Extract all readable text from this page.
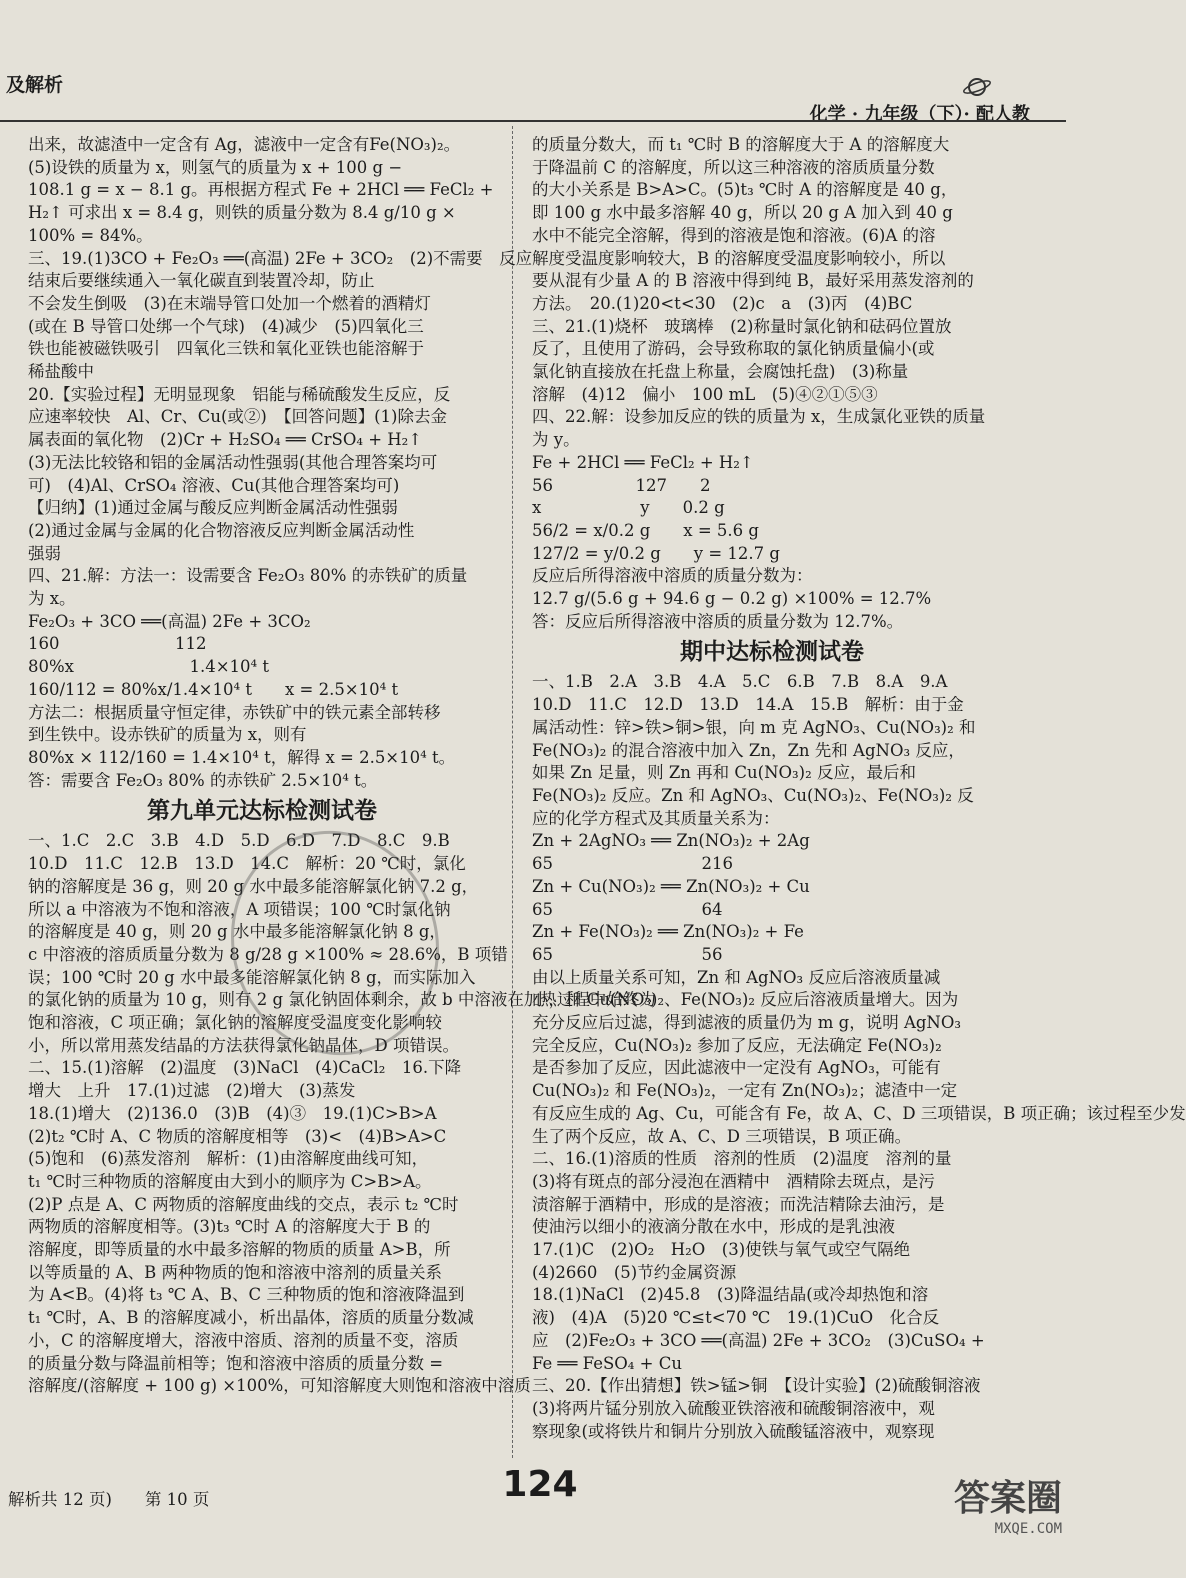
及解析
化学 · 九年级（下）· 配人教
出来，故滤渣中一定含有 Ag，滤液中一定含有Fe(NO₃)₂。
(5)设铁的质量为 x，则氢气的质量为 x + 100 g −
108.1 g = x − 8.1 g。再根据方程式 Fe + 2HCl ══ FeCl₂ +
H₂↑ 可求出 x = 8.4 g，则铁的质量分数为 8.4 g/10 g ×
100% = 84%。
三、19.(1)3CO + Fe₂O₃ ══(高温) 2Fe + 3CO₂　(2)不需要　反应
结束后要继续通入一氧化碳直到装置冷却，防止
不会发生倒吸　(3)在末端导管口处加一个燃着的酒精灯
(或在 B 导管口处绑一个气球)　(4)减少　(5)四氧化三
铁也能被磁铁吸引　四氧化三铁和氧化亚铁也能溶解于
稀盐酸中
20.【实验过程】无明显现象　铝能与稀硫酸发生反应，反
应速率较快　Al、Cr、Cu(或②)　【回答问题】(1)除去金
属表面的氧化物　(2)Cr + H₂SO₄ ══ CrSO₄ + H₂↑
(3)无法比较铬和铝的金属活动性强弱(其他合理答案均可
可)　(4)Al、CrSO₄ 溶液、Cu(其他合理答案均可)
【归纳】(1)通过金属与酸反应判断金属活动性强弱
(2)通过金属与金属的化合物溶液反应判断金属活动性
强弱
四、21.解：方法一：设需要含 Fe₂O₃ 80% 的赤铁矿的质量
为 x。
Fe₂O₃ + 3CO ══(高温) 2Fe + 3CO₂
160　　　　　　　112
80%x　　　　　　　1.4×10⁴ t
160/112 = 80%x/1.4×10⁴ t　　x = 2.5×10⁴ t
方法二：根据质量守恒定律，赤铁矿中的铁元素全部转移
到生铁中。设赤铁矿的质量为 x，则有
80%x × 112/160 = 1.4×10⁴ t，解得 x = 2.5×10⁴ t。
答：需要含 Fe₂O₃ 80% 的赤铁矿 2.5×10⁴ t。
第九单元达标检测试卷
一、1.C　2.C　3.B　4.D　5.D　6.D　7.D　8.C　9.B
10.D　11.C　12.B　13.D　14.C　解析：20 ℃时，氯化
钠的溶解度是 36 g，则 20 g 水中最多能溶解氯化钠 7.2 g，
所以 a 中溶液为不饱和溶液，A 项错误；100 ℃时氯化钠
的溶解度是 40 g，则 20 g 水中最多能溶解氯化钠 8 g，
c 中溶液的溶质质量分数为 8 g/28 g ×100% ≈ 28.6%，B 项错
误；100 ℃时 20 g 水中最多能溶解氯化钠 8 g，而实际加入
的氯化钠的质量为 10 g，则有 2 g 氯化钠固体剩余，故 b 中溶液在加热过程中始终为
饱和溶液，C 项正确；氯化钠的溶解度受温度变化影响较
小，所以常用蒸发结晶的方法获得氯化钠晶体，D 项错误。
二、15.(1)溶解　(2)温度　(3)NaCl　(4)CaCl₂　16.下降
增大　上升　17.(1)过滤　(2)增大　(3)蒸发
18.(1)增大　(2)136.0　(3)B　(4)③　19.(1)C>B>A
(2)t₂ ℃时 A、C 物质的溶解度相等　(3)<　(4)B>A>C
(5)饱和　(6)蒸发溶剂　解析：(1)由溶解度曲线可知，
t₁ ℃时三种物质的溶解度由大到小的顺序为 C>B>A。
(2)P 点是 A、C 两物质的溶解度曲线的交点，表示 t₂ ℃时
两物质的溶解度相等。(3)t₃ ℃时 A 的溶解度大于 B 的
溶解度，即等质量的水中最多溶解的物质的质量 A>B，所
以等质量的 A、B 两种物质的饱和溶液中溶剂的质量关系
为 A<B。(4)将 t₃ ℃ A、B、C 三种物质的饱和溶液降温到
t₁ ℃时，A、B 的溶解度减小，析出晶体，溶质的质量分数减
小，C 的溶解度增大，溶液中溶质、溶剂的质量不变，溶质
的质量分数与降温前相等；饱和溶液中溶质的质量分数 =
溶解度/(溶解度 + 100 g) ×100%，可知溶解度大则饱和溶液中溶质
的质量分数大，而 t₁ ℃时 B 的溶解度大于 A 的溶解度大
于降温前 C 的溶解度，所以这三种溶液的溶质质量分数
的大小关系是 B>A>C。(5)t₃ ℃时 A 的溶解度是 40 g，
即 100 g 水中最多溶解 40 g，所以 20 g A 加入到 40 g
水中不能完全溶解，得到的溶液是饱和溶液。(6)A 的溶
解度受温度影响较大，B 的溶解度受温度影响较小，所以
要从混有少量 A 的 B 溶液中得到纯 B，最好采用蒸发溶剂的
方法。　20.(1)20<t<30　(2)c　a　(3)丙　(4)BC
三、21.(1)烧杯　玻璃棒　(2)称量时氯化钠和砝码位置放
反了，且使用了游码，会导致称取的氯化钠质量偏小(或
氯化钠直接放在托盘上称量，会腐蚀托盘)　(3)称量
溶解　(4)12　偏小　100 mL　(5)④②①⑤③
四、22.解：设参加反应的铁的质量为 x，生成氯化亚铁的质量
为 y。
Fe + 2HCl ══ FeCl₂ + H₂↑
56　　　　　127　　2
x　　　　　　y　　0.2 g
56/2 = x/0.2 g　　x = 5.6 g
127/2 = y/0.2 g　　y = 12.7 g
反应后所得溶液中溶质的质量分数为：
12.7 g/(5.6 g + 94.6 g − 0.2 g) ×100% = 12.7%
答：反应后所得溶液中溶质的质量分数为 12.7%。
期中达标检测试卷
一、1.B　2.A　3.B　4.A　5.C　6.B　7.B　8.A　9.A
10.D　11.C　12.D　13.D　14.A　15.B　解析：由于金
属活动性：锌>铁>铜>银，向 m 克 AgNO₃、Cu(NO₃)₂ 和
Fe(NO₃)₂ 的混合溶液中加入 Zn，Zn 先和 AgNO₃ 反应，
如果 Zn 足量，则 Zn 再和 Cu(NO₃)₂ 反应，最后和
Fe(NO₃)₂ 反应。Zn 和 AgNO₃、Cu(NO₃)₂、Fe(NO₃)₂ 反
应的化学方程式及其质量关系为：
Zn + 2AgNO₃ ══ Zn(NO₃)₂ + 2Ag
65　　　　　　　　　216
Zn + Cu(NO₃)₂ ══ Zn(NO₃)₂ + Cu
65　　　　　　　　　64
Zn + Fe(NO₃)₂ ══ Zn(NO₃)₂ + Fe
65　　　　　　　　　56
由以上质量关系可知，Zn 和 AgNO₃ 反应后溶液质量减
小，和 Cu(NO₃)₂、Fe(NO₃)₂ 反应后溶液质量增大。因为
充分反应后过滤，得到滤液的质量仍为 m g，说明 AgNO₃
完全反应，Cu(NO₃)₂ 参加了反应，无法确定 Fe(NO₃)₂
是否参加了反应，因此滤液中一定没有 AgNO₃，可能有
Cu(NO₃)₂ 和 Fe(NO₃)₂，一定有 Zn(NO₃)₂；滤渣中一定
有反应生成的 Ag、Cu，可能含有 Fe，故 A、C、D 三项错误，B 项正确；该过程至少发
生了两个反应，故 A、C、D 三项错误，B 项正确。
二、16.(1)溶质的性质　溶剂的性质　(2)温度　溶剂的量
(3)将有斑点的部分浸泡在酒精中　酒精除去斑点，是污
渍溶解于酒精中，形成的是溶液；而洗洁精除去油污，是
使油污以细小的液滴分散在水中，形成的是乳浊液
17.(1)C　(2)O₂　H₂O　(3)使铁与氧气或空气隔绝
(4)2660　(5)节约金属资源
18.(1)NaCl　(2)45.8　(3)降温结晶(或冷却热饱和溶
液)　(4)A　(5)20 ℃≤t<70 ℃　19.(1)CuO　化合反
应　(2)Fe₂O₃ + 3CO ══(高温) 2Fe + 3CO₂　(3)CuSO₄ +
Fe ══ FeSO₄ + Cu
三、20.【作出猜想】铁>锰>铜　【设计实验】(2)硫酸铜溶液
(3)将两片锰分别放入硫酸亚铁溶液和硫酸铜溶液中，观
察现象(或将铁片和铜片分别放入硫酸锰溶液中，观察现
解析共 12 页)　　第 10 页	124	答案圈
MXQE.COM
